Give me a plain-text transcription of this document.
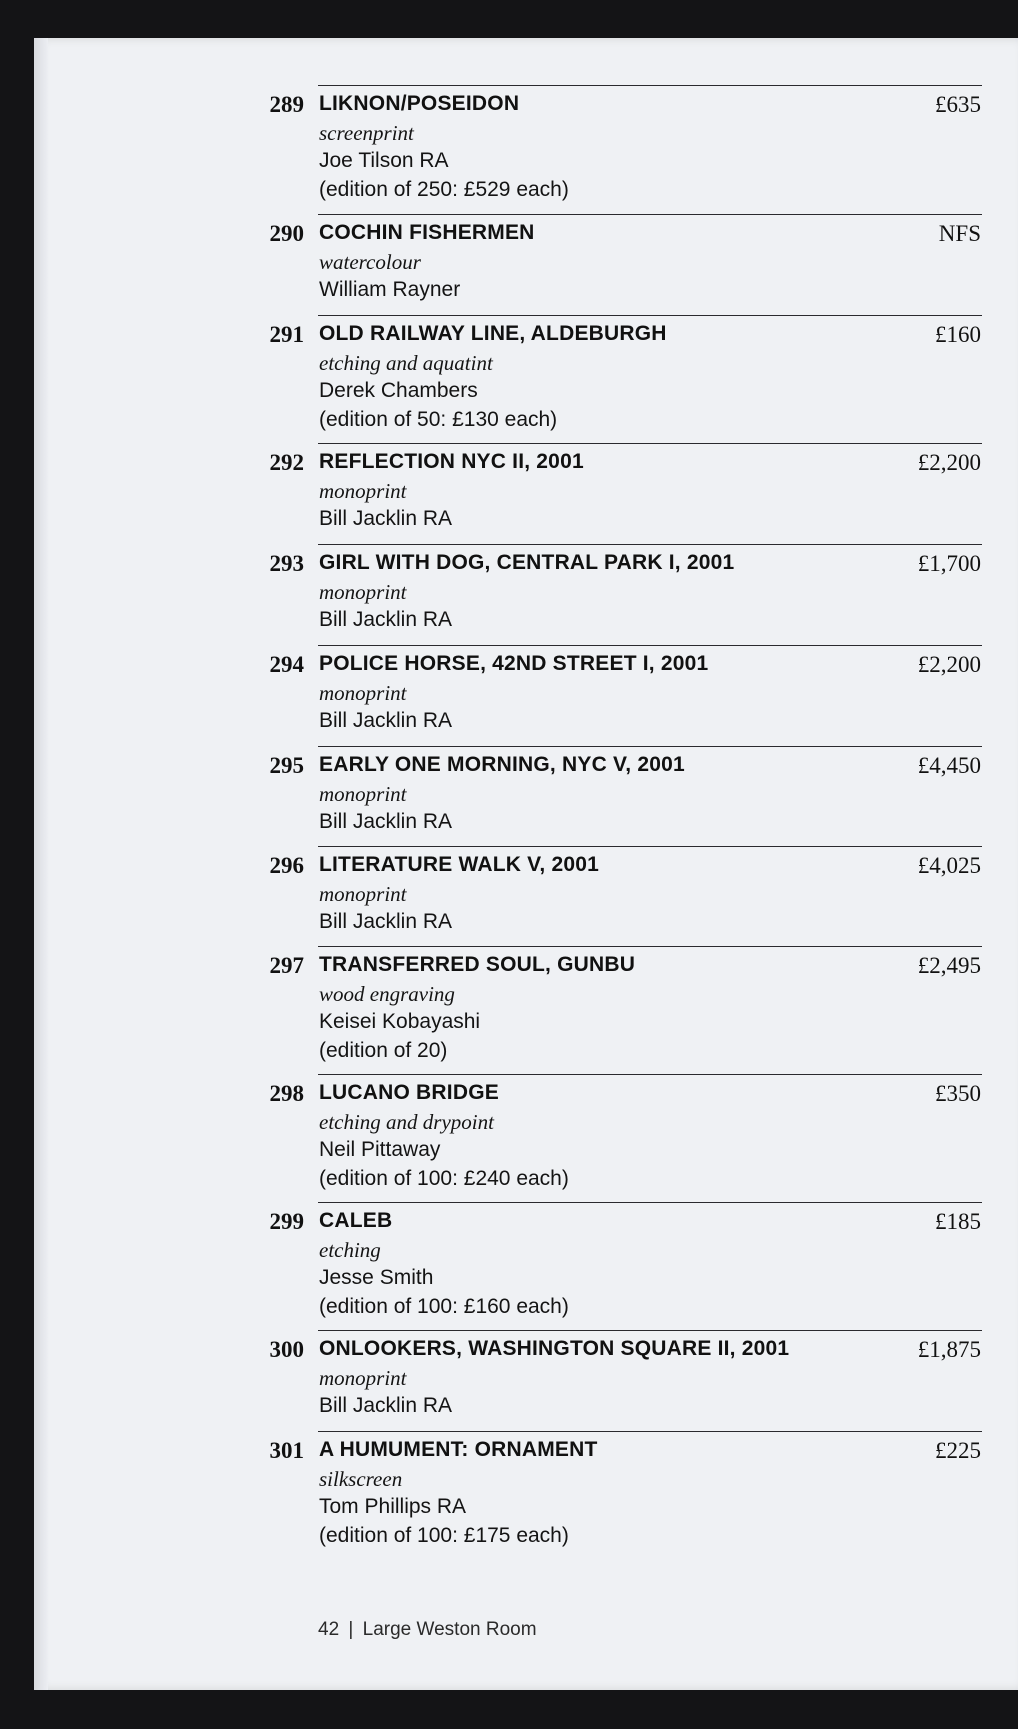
289 LIKNON/POSEIDON	£635
screenprint
Joe Tilson RA
(edition of 250: £529 each)
290 COCHIN FISHERMEN	NFS
watercolour
William Rayner
291 OLD RAILWAY LINE, ALDEBURGH	£160
etching and aquatint
Derek Chambers
(edition of 50: £130 each)
292 REFLECTION NYC II, 2001	£2,200
monoprint
Bill Jacklin RA
293 GIRL WITH DOG, CENTRAL PARK I, 2001	£1,700
monoprint
Bill Jacklin RA
294 POLICE HORSE, 42ND STREET I, 2001	£2,200
monoprint
Bill Jacklin RA
295 EARLY ONE MORNING, NYC V, 2001	£4,450
monoprint
Bill Jacklin RA
296 LITERATURE WALK V, 2001	£4,025
monoprint
Bill Jacklin RA
297 TRANSFERRED SOUL, GUNBU	£2,495
wood engraving
Keisei Kobayashi
(edition of 20)
298 LUCANO BRIDGE	£350
etching and drypoint
Neil Pittaway
(edition of 100: £240 each)
299 CALEB	£185
etching
Jesse Smith
(edition of 100: £160 each)
300 ONLOOKERS, WASHINGTON SQUARE II, 2001	£1,875
monoprint
Bill Jacklin RA
301 A HUMUMENT: ORNAMENT	£225
silkscreen
Tom Phillips RA
(edition of 100: £175 each)
42 | Large Weston Room
